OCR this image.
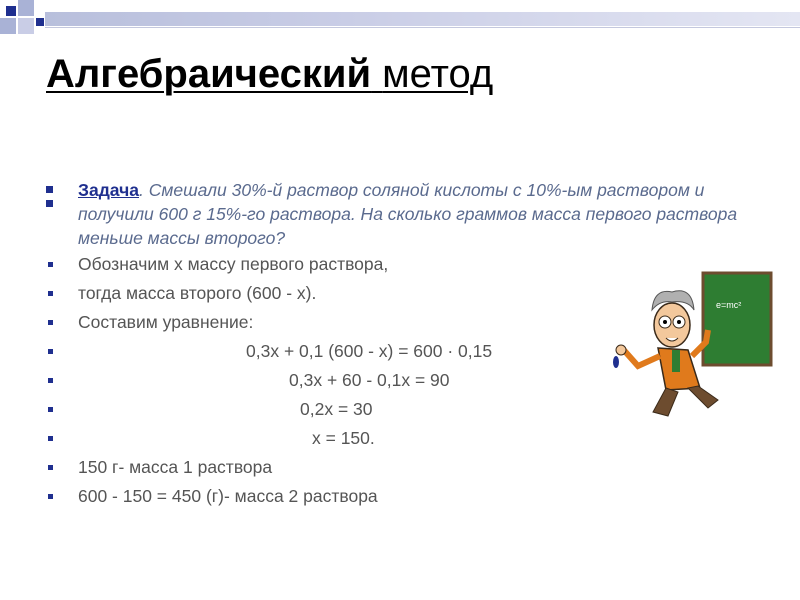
Алгебраический метод
е=mc²
Задача. Смешали 30%-й раствор соляной кислоты с 10%-ым раствором и получили 600 г 15%-го раствора. На сколько граммов масса первого раствора меньше массы второго?
Обозначим х массу первого раствора,
тогда масса второго (600 - х).
Составим уравнение:
0,3х + 0,1 (600 - х) = 600 · 0,15
0,3х + 60 - 0,1х = 90
0,2х = 30
х = 150.
150 г- масса 1 раствора
600 - 150 = 450 (г)- масса 2 раствора
